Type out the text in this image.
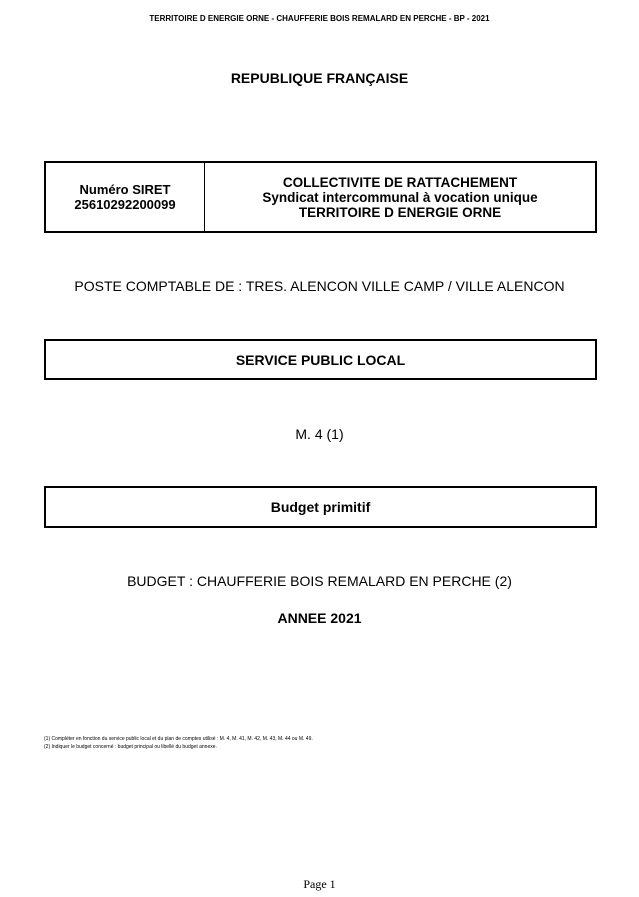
TERRITOIRE D ENERGIE ORNE - CHAUFFERIE BOIS REMALARD EN PERCHE - BP - 2021
REPUBLIQUE FRANÇAISE
Numéro SIRET
25610292200099
COLLECTIVITE DE RATTACHEMENT
Syndicat intercommunal à vocation unique
TERRITOIRE D ENERGIE ORNE
POSTE COMPTABLE DE : TRES. ALENCON VILLE CAMP / VILLE ALENCON
SERVICE PUBLIC LOCAL
M. 4 (1)
Budget primitif
BUDGET : CHAUFFERIE BOIS REMALARD EN PERCHE (2)
ANNEE 2021
(1) Compléter en fonction du service public local et du plan de comptes utilisé : M. 4, M. 41, M. 42, M. 43, M. 44 ou M. 49.
(2) Indiquer le budget concerné : budget principal ou libellé du budget annexe.
Page 1
